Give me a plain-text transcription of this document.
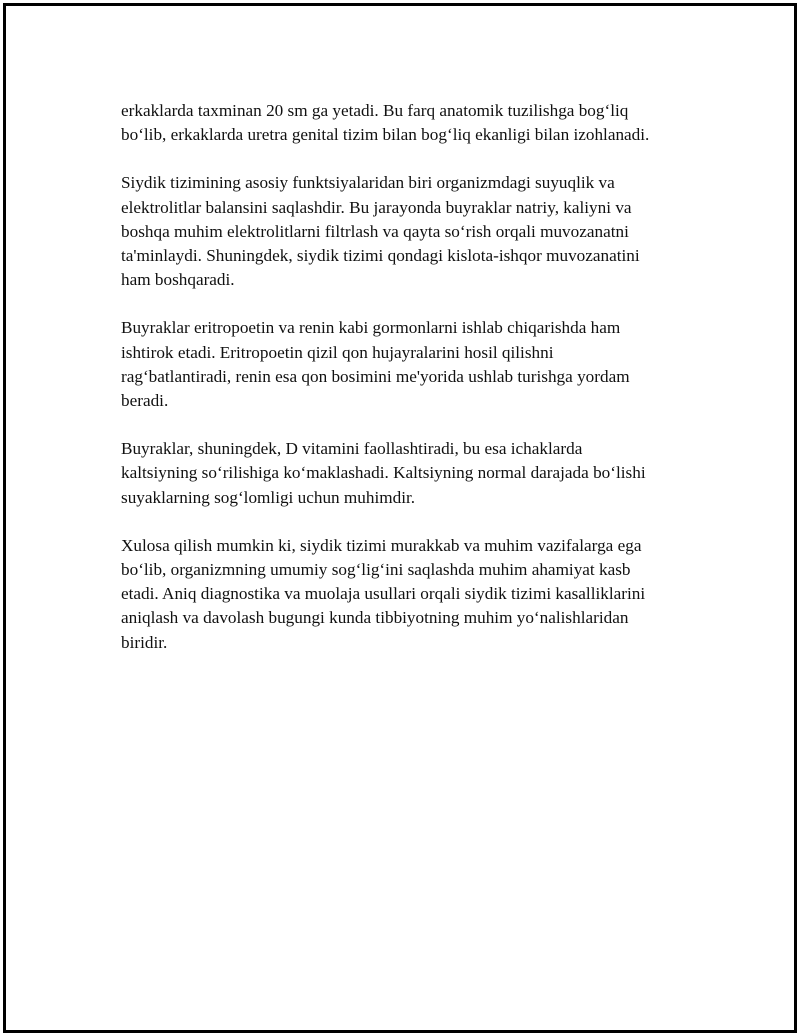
erkaklarda taxminan 20 sm ga yetadi. Bu farq anatomik tuzilishga bog‘liq
bo‘lib, erkaklarda uretra genital tizim bilan bog‘liq ekanligi bilan izohlanadi.

Siydik tizimining asosiy funktsiyalaridan biri organizmdagi suyuqlik va
elektrolitlar balansini saqlashdir. Bu jarayonda buyraklar natriy, kaliyni va
boshqa muhim elektrolitlarni filtrlash va qayta so‘rish orqali muvozanatni
ta'minlaydi. Shuningdek, siydik tizimi qondagi kislota-ishqor muvozanatini
ham boshqaradi.

Buyraklar eritropoetin va renin kabi gormonlarni ishlab chiqarishda ham
ishtirok etadi. Eritropoetin qizil qon hujayralarini hosil qilishni
rag‘batlantiradi, renin esa qon bosimini me'yorida ushlab turishga yordam
beradi.

Buyraklar, shuningdek, D vitamini faollashtiradi, bu esa ichaklarda
kaltsiyning so‘rilishiga ko‘maklashadi. Kaltsiyning normal darajada bo‘lishi
suyaklarning sog‘lomligi uchun muhimdir.

Xulosa qilish mumkin ki, siydik tizimi murakkab va muhim vazifalarga ega
bo‘lib, organizmning umumiy sog‘lig‘ini saqlashda muhim ahamiyat kasb
etadi. Aniq diagnostika va muolaja usullari orqali siydik tizimi kasalliklarini
aniqlash va davolash bugungi kunda tibbiyotning muhim yo‘nalishlaridan
biridir.
